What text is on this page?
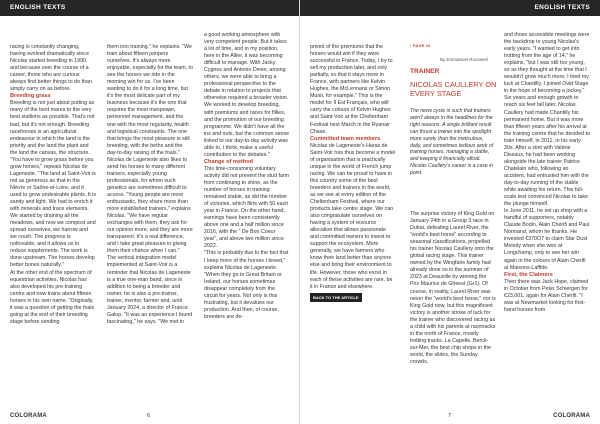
ENGLISH TEXTS

racing is constantly changing, having evolved dramatically since Nicolas started breeding in 1990, and because over the course of a career, those who are curious always find better things to do than simply carry on as before.

Breeding grass

Breeding is not just about putting as many of the best mares to the very best stallions as possible. That's not bad, but it's not enough. Breeding racehorses is an agricultural endeavour in which the land is the priority and the land the plant and the land the canvas, the structure. "You have to grow grass before you grow horses," repeats Nicolas de Lageneste. "The land at Saint-Voir is not as generous as that in the Nièvre or Saône-et-Loire, and it used to grow undesirable plants. It is sandy and light. We had to enrich it with minerals and trace elements. We started by draining all the meadows, and now we compost and spread ourselves, we harrow and we crush. The progress is noticeable, and it allows us to reduce supplements. The work is done upstream. The horses develop better bones naturally."

At the other end of the spectrum of equestrian activities, Nicolas has also developed his pre-training centre and now trains about fifteen horses in his own name. "Originally, it was a question of getting the foals going at the end of their breeding stage before sending

them into training," he explains. "We train about fifteen jumpers ourselves. It's always more enjoyable, especially for the team, to see the horses we ride in the morning win for us. I've been wanting to do it for a long time, but it's the most delicate part of my business because it's the one that requires the most manpower, personnel management, and the one with the most regularity, health and logistical constraints. The one that brings the most pleasure is still breeding, with the births and the day-to-day raising of the foals."

Nicolas de Lageneste also likes to send his horses to many different trainers, especially young professionals, for whom such genetics are sometimes difficult to access. "Young people are more enthusiastic, they share more than more established trainers," explains Nicolas. "We have regular exchanges with them, they ask for our opinion more, and they are more transparent. It's a real difference, and I take great pleasure in giving them their chance when I can."

The vertical integration model implemented at Saint-Voir is a reminder that Nicolas de Lageneste is a true one-man band, since in addition to being a breeder and owner, he is also a pre-trainer, trainer, mentor, farmer and, until January 2024, a director of France Galop. "It was an experience I found fascinating," he says. "We met in

a good working atmosphere with very competent people. But it takes a lot of time, and in my position, here in the Allier, it was becoming difficult to manage. With Jacky Cygnes and Antonio Devin, among others, we were able to bring a professional perspective to the debate in relation to projects that otherwise required a broader vision. We worked to develop breeding, with premiums and races for fillies, and the promotion of our breeding programme. We didn't have all the ins and outs, but the common sense linked to our day-to-day activity was able to, I think, make a useful contribution to the debates."

Change of method

This time-consuming voluntary activity did not prevent the stud farm from continuing to shine, as the number of horses in training remained stable, as did the number of victories, which flirts with 50 each year in France. On the other hand, earnings have been consistently above one and a half million since 2016, with the " De Bon Coeur year", and above two million since 2022.

"This is probably due to the fact that I keep more of the horses I breed," explains Nicolas de Lageneste. "When they go to Great Britain or Ireland, our horses sometimes disappear completely from the circuit for years. Not only is this frustrating, but it devalues our production. And then, of course, breeders are de-

COLORAMA	6
ENGLISH TEXTS

prived of the premiums that the horses would win if they were successful in France. Today, I try to sell my production later, and only partially, so that it stays more in France, with partners like Kelvin Hughes, the McLennans or Simon Munir, for example." This is the model for Il Est Français, who will carry the colours of Kelvin Hughes and Saint-Voir at the Cheltenham Festival next March in the Ryanair Chase.

Committed team members

Nicolas de Lageneste's Haras de Saint-Voir has thus become a model of organisation that is practically unique in the world of French jump racing. We can be proud to have in this country some of the best breeders and trainers in the world, as we see at every edition of the Cheltenham Festival, where our products take centre stage. We can also congratulate ourselves on having a system of resource allocation that allows passionate and committed owners to invest to support the ecosystem. More generally, we have farmers who know their land better than anyone else and bring their environment to life. However, those who excel in each of these activities are rare, be it in France and elsewhere.

BACK TO THE ARTICLE
• PAGE 26
By Emmanuel Rousseel
TRAINER
NICOLAS CAULLERY ON EVERY STAGE
The news cycle is such that trainers aren't always in the headlines for the right reasons. A single brilliant result can thrust a trainer into the spotlight more surely than the meticulous, daily, and sometimes tedious work of training horses, managing a stable, and keeping it financially afloat. Nicolas Caullery's career is a case in point.
The surprise victory of King Gold on January 24th in a Group 3 race in Dubai, defeating Laurel River, the "world's best horse" according to seasonal classifications, propelled his trainer Nicolas Caullery onto the global racing stage. This trainer owned by the Wingfairs family had already done so in the summer of 2023 at Deauville by winning the Prix Maurice de Gheest (Gr1). Of course, in reality, Laurel River was never the "world's best horse," nor is King Gold now, but this magnificent victory is another stroke of luck for the trainer who discovered racing as a child with his parents at racetracks in the north of France, mostly trotting tracks. La Capelle, Berck-sur-Mer, the best chip shops in the world, the slides, the Sunday crowds,

and those accessible meetings were the backdrop to young Nicolas's early years. "I wanted to get into trotting from the age of 14," he explains, "but I was still too young, so as they thought at the time that I wouldn't grow much more, I tried my luck at Chantilly. I joined Ovid Stage in the hope of becoming a jockey."

Six years and enough growth to reach six feet tall later, Nicolas Caullery had made Chantilly his permanent home. But it was more than fifteen years after his arrival at the training centre that he decided to train himself, in 2011, in his early 30s. After a stint with Valérie Dissaux, he had been working alongside the late trainer Patrice Chatelain who, following an accident, had entrusted him with the day-to-day running of the stable while awaiting his return. This full-scale test convinced Nicolas to take the plunge himself.

In June 2011, he set up shop with a handful of supporters, notably Claude Bodin, Alain Chérifi and Paul Normand, whom he thanks. He invested €370O7 to claim Star Dust Melody when she won at Longchamp, only to see her win again in the colours of Alain Chérifi at Maisons-Laffitte.

First, the Claimers

Then there was Jack Hope, claimed in October from Peter Schiergen for €23,001, again for Alain Chérifi. "I was at Newmarket looking for first-hand horses from

7	COLORAMA
